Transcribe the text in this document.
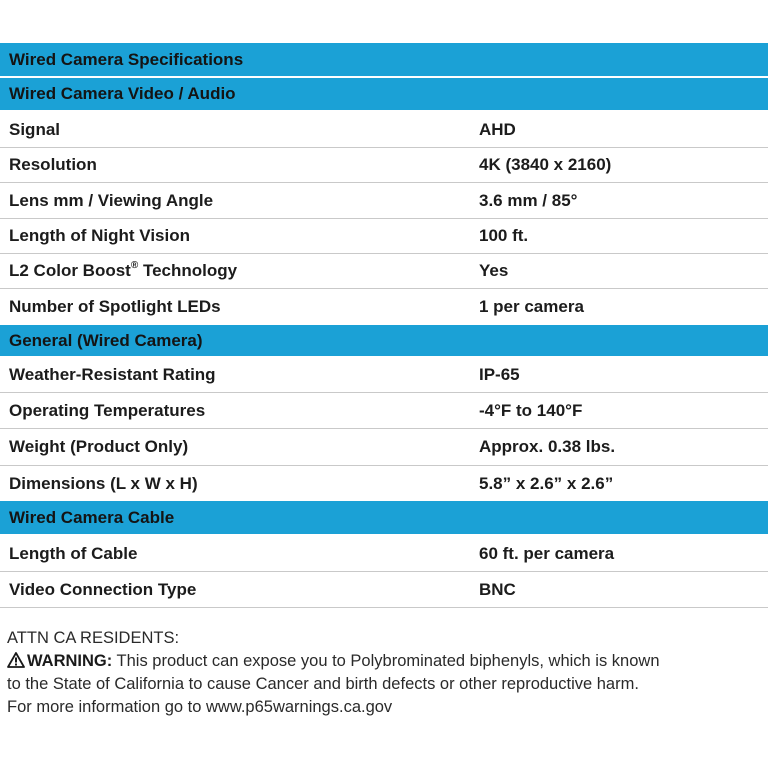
Wired Camera Specifications
Wired Camera Video / Audio
Signal	AHD
Resolution	4K (3840 x 2160)
Lens mm / Viewing Angle	3.6 mm / 85°
Length of Night Vision	100 ft.
L2 Color Boost® Technology	Yes
Number of Spotlight LEDs	1 per camera
General (Wired Camera)
Weather-Resistant Rating	IP-65
Operating Temperatures	-4°F to 140°F
Weight (Product Only)	Approx. 0.38 lbs.
Dimensions (L x W x H)	5.8” x 2.6” x 2.6”
Wired Camera Cable
Length of Cable	60 ft. per camera
Video Connection Type	BNC
ATTN CA RESIDENTS:
WARNING: This product can expose you to Polybrominated biphenyls, which is known
to the State of California to cause Cancer and birth defects or other reproductive harm.
For more information go to www.p65warnings.ca.gov
